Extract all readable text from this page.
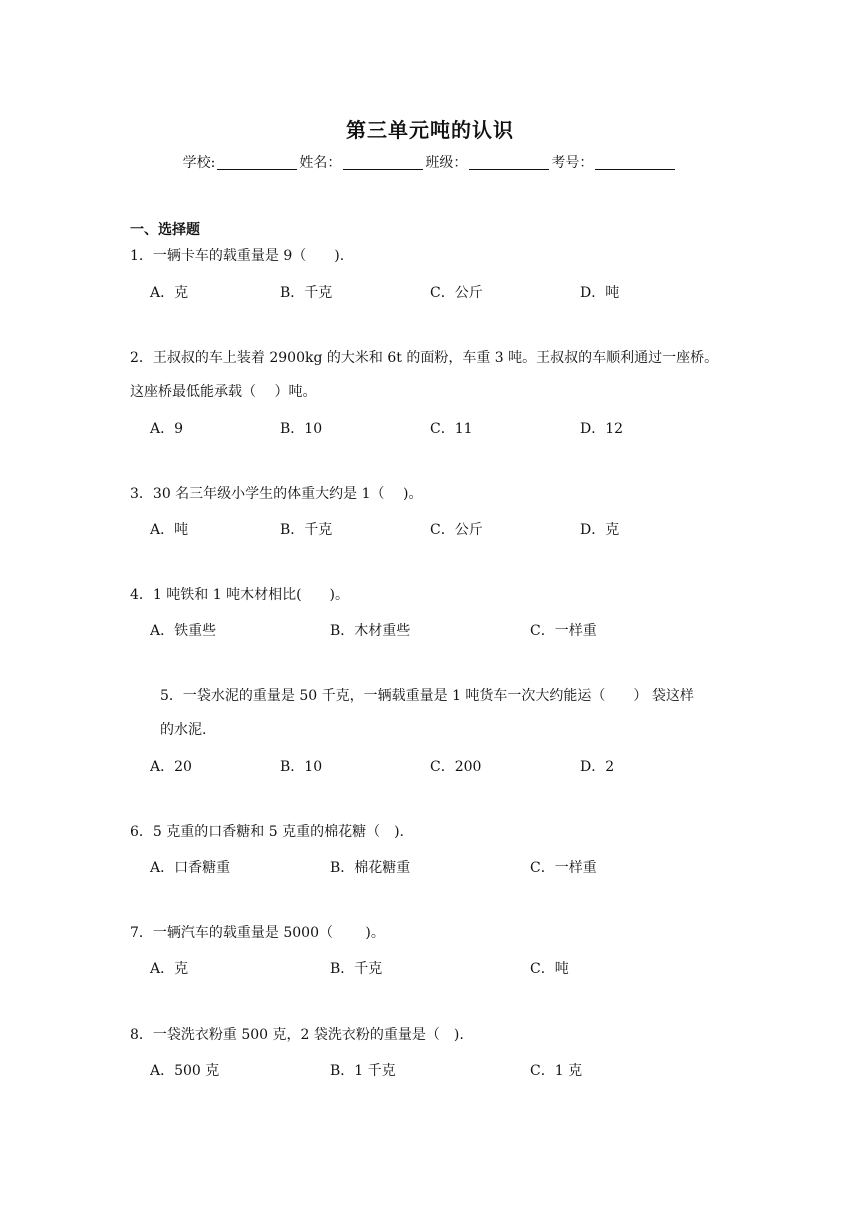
第三单元吨的认识
学校:	姓名：	班级：	考号：
一、选择题
1．一辆卡车的载重量是 9（　　).
A．克	B．千克	C．公斤	D．吨
2．王叔叔的车上装着 2900kg 的大米和 6t 的面粉，车重 3 吨。王叔叔的车顺利通过一座桥。
这座桥最低能承载（　 ）吨。
A．9	B．10	C．11	D．12
3．30 名三年级小学生的体重大约是 1（　 )。
A．吨	B．千克	C．公斤	D．克
4．1 吨铁和 1 吨木材相比(　　)。
A．铁重些	B．木材重些	C．一样重
5．一袋水泥的重量是 50 千克，一辆载重量是 1 吨货车一次大约能运（　　） 袋这样
的水泥.
A．20	B．10	C．200	D．2
6．5 克重的口香糖和 5 克重的棉花糖（　).
A．口香糖重	B．棉花糖重	C．一样重
7．一辆汽车的载重量是 5000（　　 )。
A．克	B．千克	C．吨
8．一袋洗衣粉重 500 克，2 袋洗衣粉的重量是（　).
A．500 克	B．1 千克	C．1 克
